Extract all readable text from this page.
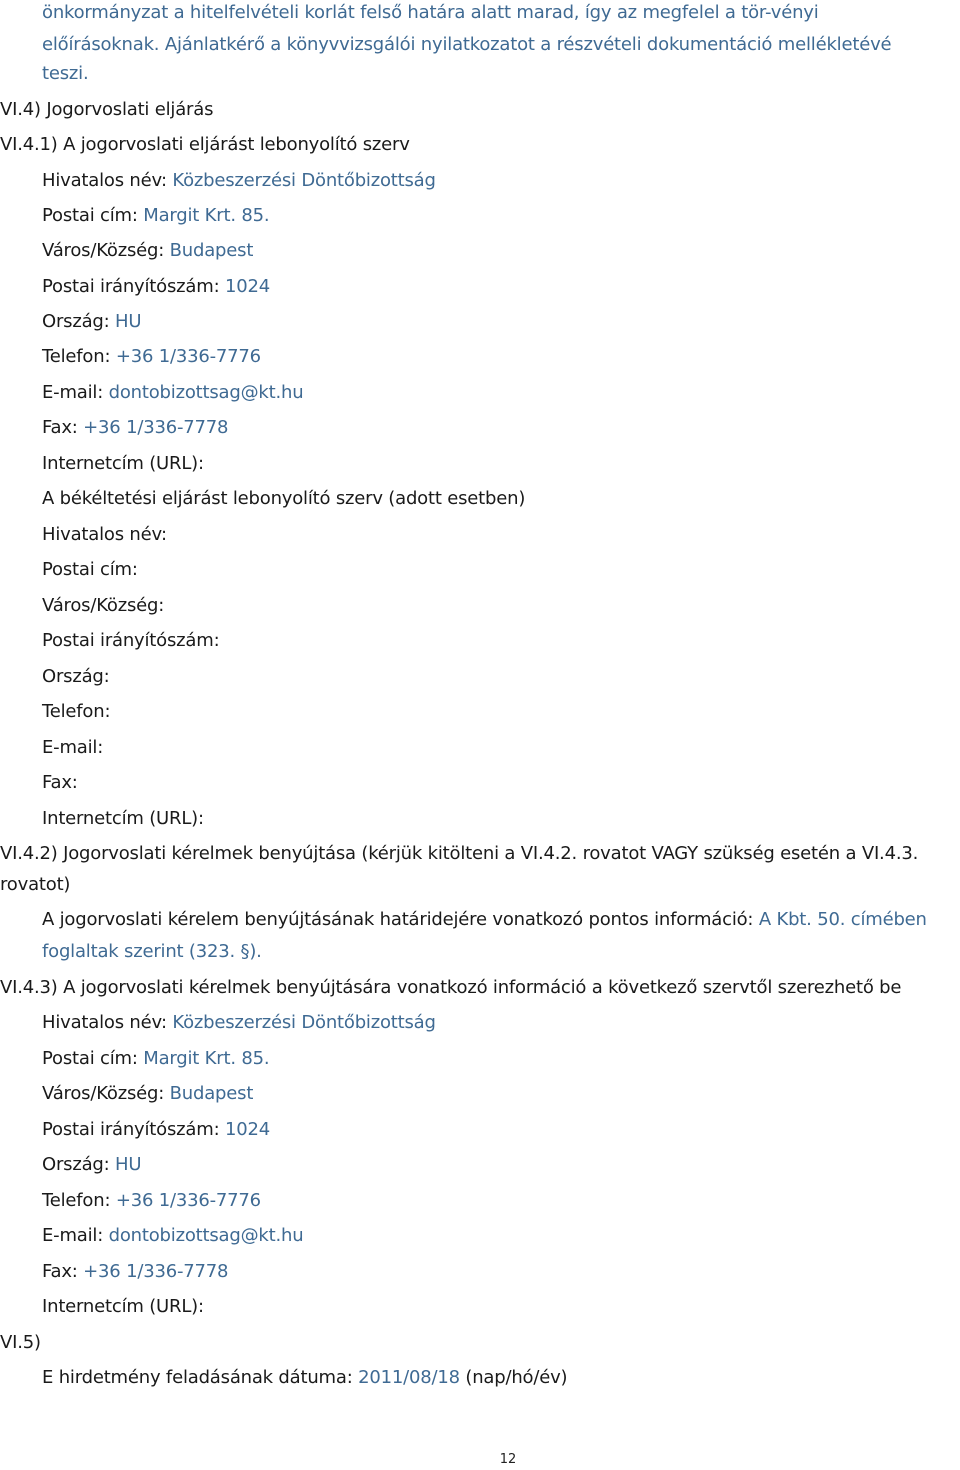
önkormányzat a hitelfelvételi korlát felső határa alatt marad, így az megfelel a tör-vényi
előírásoknak. Ajánlatkérő a könyvvizsgálói nyilatkozatot a részvételi dokumentáció mellékletévé
teszi.
VI.4) Jogorvoslati eljárás
VI.4.1) A jogorvoslati eljárást lebonyolító szerv
Hivatalos név: Közbeszerzési Döntőbizottság
Postai cím: Margit Krt. 85.
Város/Község: Budapest
Postai irányítószám: 1024
Ország: HU
Telefon: +36 1/336-7776
E-mail: dontobizottsag@kt.hu
Fax: +36 1/336-7778
Internetcím (URL):
A békéltetési eljárást lebonyolító szerv (adott esetben)
Hivatalos név:
Postai cím:
Város/Község:
Postai irányítószám:
Ország:
Telefon:
E-mail:
Fax:
Internetcím (URL):
VI.4.2) Jogorvoslati kérelmek benyújtása (kérjük kitölteni a VI.4.2. rovatot VAGY szükség esetén a VI.4.3.
rovatot)
A jogorvoslati kérelem benyújtásának határidejére vonatkozó pontos információ: A Kbt. 50. címében
foglaltak szerint (323. §).
VI.4.3) A jogorvoslati kérelmek benyújtására vonatkozó információ a következő szervtől szerezhető be
Hivatalos név: Közbeszerzési Döntőbizottság
Postai cím: Margit Krt. 85.
Város/Község: Budapest
Postai irányítószám: 1024
Ország: HU
Telefon: +36 1/336-7776
E-mail: dontobizottsag@kt.hu
Fax: +36 1/336-7778
Internetcím (URL):
VI.5)
E hirdetmény feladásának dátuma: 2011/08/18 (nap/hó/év)
12
